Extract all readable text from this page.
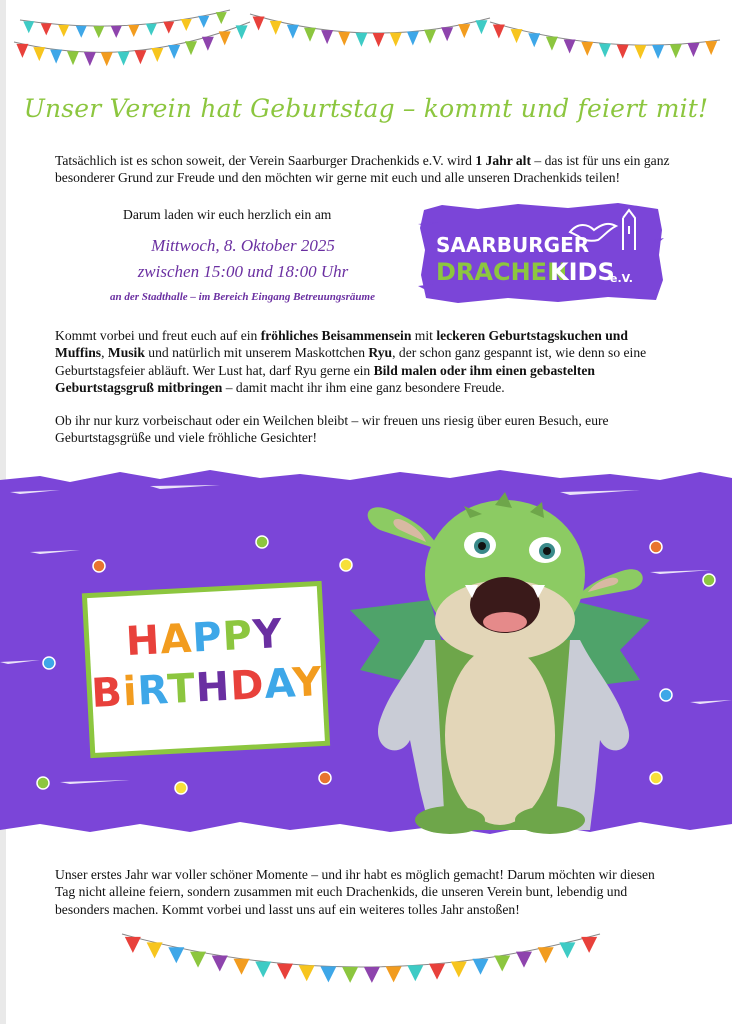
Unser Verein hat Geburtstag – kommt und feiert mit!

Tatsächlich ist es schon soweit, der Verein Saarburger Drachenkids e.V. wird 1 Jahr alt – das ist für uns ein ganz besonderer Grund zur Freude und den möchten wir gerne mit euch und alle unseren Drachenkids teilen!

Darum laden wir euch herzlich ein am
Mittwoch, 8. Oktober 2025
zwischen 15:00 und 18:00 Uhr
an der Stadthalle – im Bereich Eingang Betreuungsräume
SAARBURGER
DRACHEN
KIDS
e.V.

Kommt vorbei und freut euch auf ein fröhliches Beisammensein mit leckeren Geburtstagskuchen und Muffins, Musik und natürlich mit unserem Maskottchen Ryu, der schon ganz gespannt ist, wie denn so eine Geburtstagsfeier abläuft. Wer Lust hat, darf Ryu gerne ein Bild malen oder ihm einen gebastelten Geburtstagsgruß mitbringen – damit macht ihr ihm eine ganz besondere Freude.

Ob ihr nur kurz vorbeischaut oder ein Weilchen bleibt – wir freuen uns riesig über euren Besuch, eure Geburtstagsgrüße und viele fröhliche Gesichter!

HAPPY
BiRTHDAY

Unser erstes Jahr war voller schöner Momente – und ihr habt es möglich gemacht! Darum möchten wir diesen Tag nicht alleine feiern, sondern zusammen mit euch Drachenkids, die unseren Verein bunt, lebendig und besonders machen. Kommt vorbei und lasst uns auf ein weiteres tolles Jahr anstoßen!
